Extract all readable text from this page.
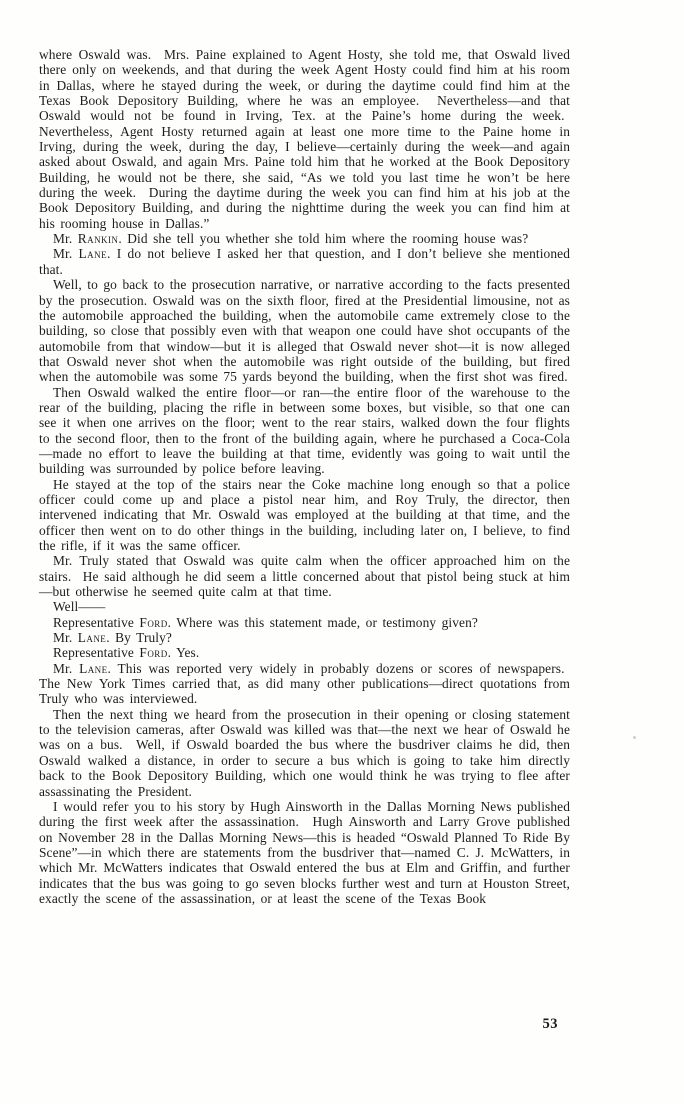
where Oswald was.  Mrs. Paine explained to Agent Hosty, she told me, that Oswald lived there only on weekends, and that during the week Agent Hosty could find him at his room in Dallas, where he stayed during the week, or during the daytime could find him at the Texas Book Depository Building, where he was an employee.  Nevertheless—and that Oswald would not be found in Irving, Tex. at the Paine’s home during the week.  Nevertheless, Agent Hosty returned again at least one more time to the Paine home in Irving, during the week, during the day, I believe—certainly during the week—and again asked about Oswald, and again Mrs. Paine told him that he worked at the Book Depository Building, he would not be there, she said, “As we told you last time he won’t be here during the week.  During the daytime during the week you can find him at his job at the Book Depository Building, and during the nighttime during the week you can find him at his rooming house in Dallas.”

Mr. Rankin. Did she tell you whether she told him where the rooming house was?

Mr. Lane. I do not believe I asked her that question, and I don’t believe she mentioned that.

Well, to go back to the prosecution narrative, or narrative according to the facts presented by the prosecution. Oswald was on the sixth floor, fired at the Presidential limousine, not as the automobile approached the building, when the automobile came extremely close to the building, so close that possibly even with that weapon one could have shot occupants of the automobile from that window—but it is alleged that Oswald never shot—it is now alleged that Oswald never shot when the automobile was right outside of the building, but fired when the automobile was some 75 yards beyond the building, when the first shot was fired.

Then Oswald walked the entire floor—or ran—the entire floor of the warehouse to the rear of the building, placing the rifle in between some boxes, but visible, so that one can see it when one arrives on the floor; went to the rear stairs, walked down the four flights to the second floor, then to the front of the building again, where he purchased a Coca-Cola—made no effort to leave the building at that time, evidently was going to wait until the building was surrounded by police before leaving.

He stayed at the top of the stairs near the Coke machine long enough so that a police officer could come up and place a pistol near him, and Roy Truly, the director, then intervened indicating that Mr. Oswald was employed at the building at that time, and the officer then went on to do other things in the building, including later on, I believe, to find the rifle, if it was the same officer.

Mr. Truly stated that Oswald was quite calm when the officer approached him on the stairs.  He said although he did seem a little concerned about that pistol being stuck at him—but otherwise he seemed quite calm at that time.

Well——

Representative Ford. Where was this statement made, or testimony given?

Mr. Lane. By Truly?

Representative Ford. Yes.

Mr. Lane. This was reported very widely in probably dozens or scores of newspapers.  The New York Times carried that, as did many other publications—direct quotations from Truly who was interviewed.

Then the next thing we heard from the prosecution in their opening or closing statement to the television cameras, after Oswald was killed was that—the next we hear of Oswald he was on a bus.  Well, if Oswald boarded the bus where the busdriver claims he did, then Oswald walked a distance, in order to secure a bus which is going to take him directly back to the Book Depository Building, which one would think he was trying to flee after assassinating the President.

I would refer you to his story by Hugh Ainsworth in the Dallas Morning News published during the first week after the assassination.  Hugh Ainsworth and Larry Grove published on November 28 in the Dallas Morning News—this is headed “Oswald Planned To Ride By Scene”—in which there are statements from the busdriver that—named C. J. McWatters, in which Mr. McWatters indicates that Oswald entered the bus at Elm and Griffin, and further indicates that the bus was going to go seven blocks further west and turn at Houston Street, exactly the scene of the assassination, or at least the scene of the Texas Book

53
